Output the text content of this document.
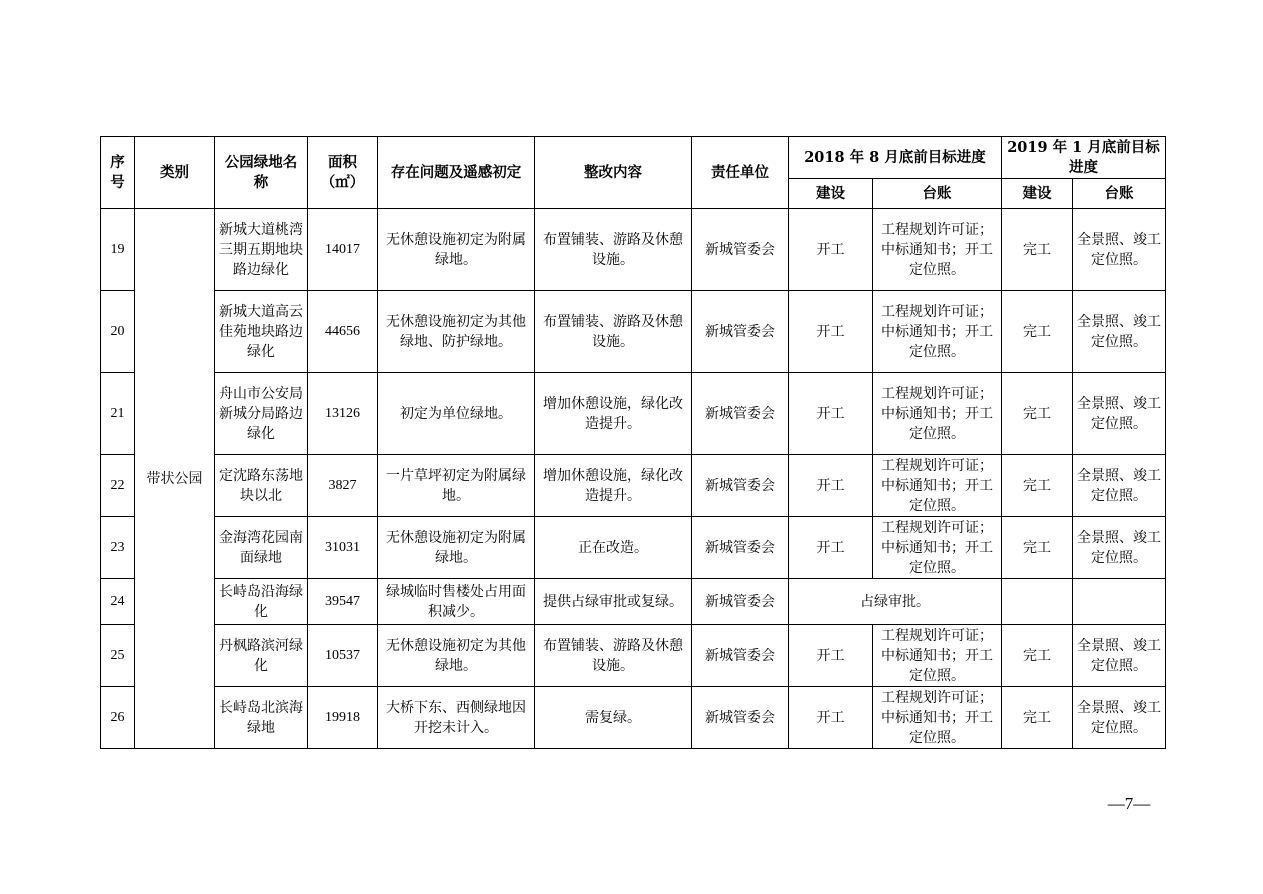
序号	类别	公园绿地名称	面积（㎡）	存在问题及遥感初定	整改内容	责任单位	2018 年 8 月底前目标进度		2019 年 1 月底前目标进度	
							建设	台账	建设	台账
19	带状公园	新城大道桃湾三期五期地块路边绿化	14017	无休憩设施初定为附属绿地。	布置铺装、游路及休憩设施。	新城管委会	开工	工程规划许可证；中标通知书；开工定位照。	完工	全景照、竣工定位照。
20		新城大道高云佳苑地块路边绿化	44656	无休憩设施初定为其他绿地、防护绿地。	布置铺装、游路及休憩设施。	新城管委会	开工	工程规划许可证；中标通知书；开工定位照。	完工	全景照、竣工定位照。
21		舟山市公安局新城分局路边绿化	13126	初定为单位绿地。	增加休憩设施，绿化改造提升。	新城管委会	开工	工程规划许可证；中标通知书；开工定位照。	完工	全景照、竣工定位照。
22		定沈路东荡地块以北	3827	一片草坪初定为附属绿地。	增加休憩设施，绿化改造提升。	新城管委会	开工	工程规划许可证；中标通知书；开工定位照。	完工	全景照、竣工定位照。
23		金海湾花园南面绿地	31031	无休憩设施初定为附属绿地。	正在改造。	新城管委会	开工	工程规划许可证；中标通知书；开工定位照。	完工	全景照、竣工定位照。
24		长峙岛沿海绿化	39547	绿城临时售楼处占用面积减少。	提供占绿审批或复绿。	新城管委会	占绿审批。			
25		丹枫路滨河绿化	10537	无休憩设施初定为其他绿地。	布置铺装、游路及休憩设施。	新城管委会	开工	工程规划许可证；中标通知书；开工定位照。	完工	全景照、竣工定位照。
26		长峙岛北滨海绿地	19918	大桥下东、西侧绿地因开挖未计入。	需复绿。	新城管委会	开工	工程规划许可证；中标通知书；开工定位照。	完工	全景照、竣工定位照。
—7—
